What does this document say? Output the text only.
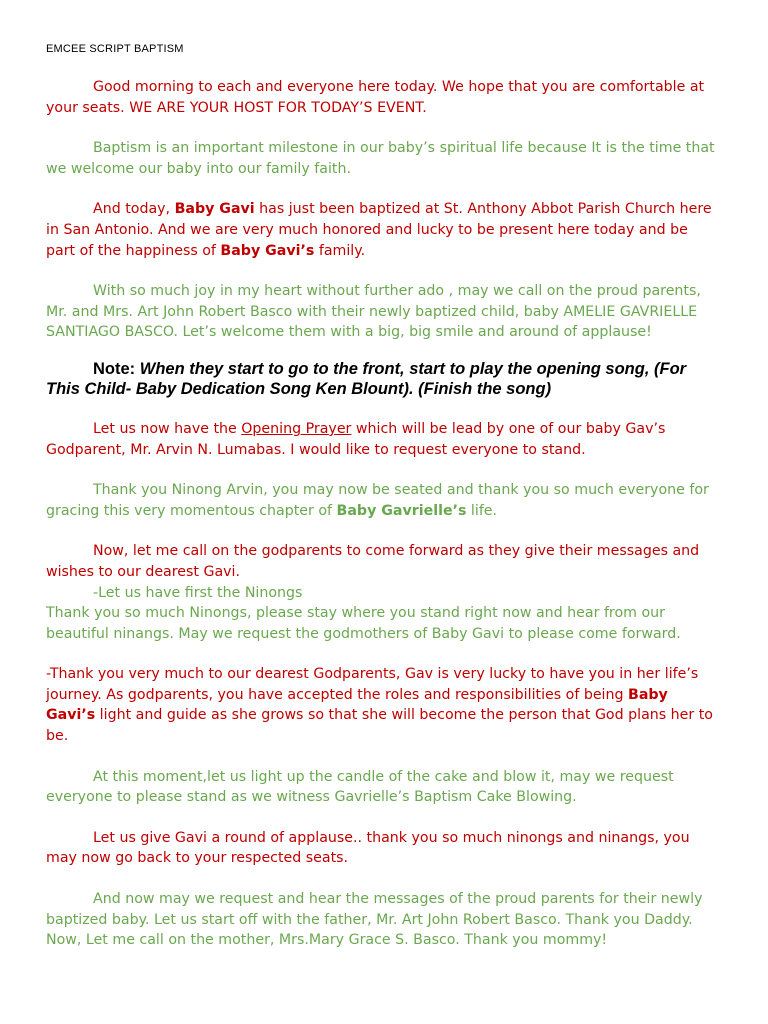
EMCEE SCRIPT BAPTISM

Good morning to each and everyone here today. We hope that you are comfortable at your seats. WE ARE YOUR HOST FOR TODAY’S EVENT.

Baptism is an important milestone in our baby’s spiritual life because It is the time that we welcome our baby into our family faith.

And today, Baby Gavi has just been baptized at St. Anthony Abbot Parish Church here in San Antonio. And we are very much honored and lucky to be present here today and be part of the happiness of Baby Gavi’s family.

With so much joy in my heart without further ado , may we call on the proud parents, Mr. and Mrs. Art John Robert Basco with their newly baptized child, baby AMELIE GAVRIELLE SANTIAGO BASCO. Let’s welcome them with a big, big smile and around of applause!

Note: When they start to go to the front, start to play the opening song, (For This Child- Baby Dedication Song Ken Blount). (Finish the song)

Let us now have the Opening Prayer which will be lead by one of our baby Gav’s Godparent, Mr. Arvin N. Lumabas. I would like to request everyone to stand.

Thank you Ninong Arvin, you may now be seated and thank you so much everyone for gracing this very momentous chapter of Baby Gavrielle’s life.

Now, let me call on the godparents to come forward as they give their messages and wishes to our dearest Gavi.

-Let us have first the Ninongs

Thank you so much Ninongs, please stay where you stand right now and hear from our beautiful ninangs. May we request the godmothers of Baby Gavi to please come forward.

-Thank you very much to our dearest Godparents, Gav is very lucky to have you in her life’s journey. As godparents, you have accepted the roles and responsibilities of being Baby Gavi’s light and guide as she grows so that she will become the person that God plans her to be.

At this moment,let us light up the candle of the cake and blow it, may we request everyone to please stand as we witness Gavrielle’s Baptism Cake Blowing.

Let us give Gavi a round of applause.. thank you so much ninongs and ninangs, you may now go back to your respected seats.

And now may we request and hear the messages of the proud parents for their newly baptized baby. Let us start off with the father, Mr. Art John Robert Basco. Thank you Daddy. Now, Let me call on the mother, Mrs.Mary Grace S. Basco. Thank you mommy!
